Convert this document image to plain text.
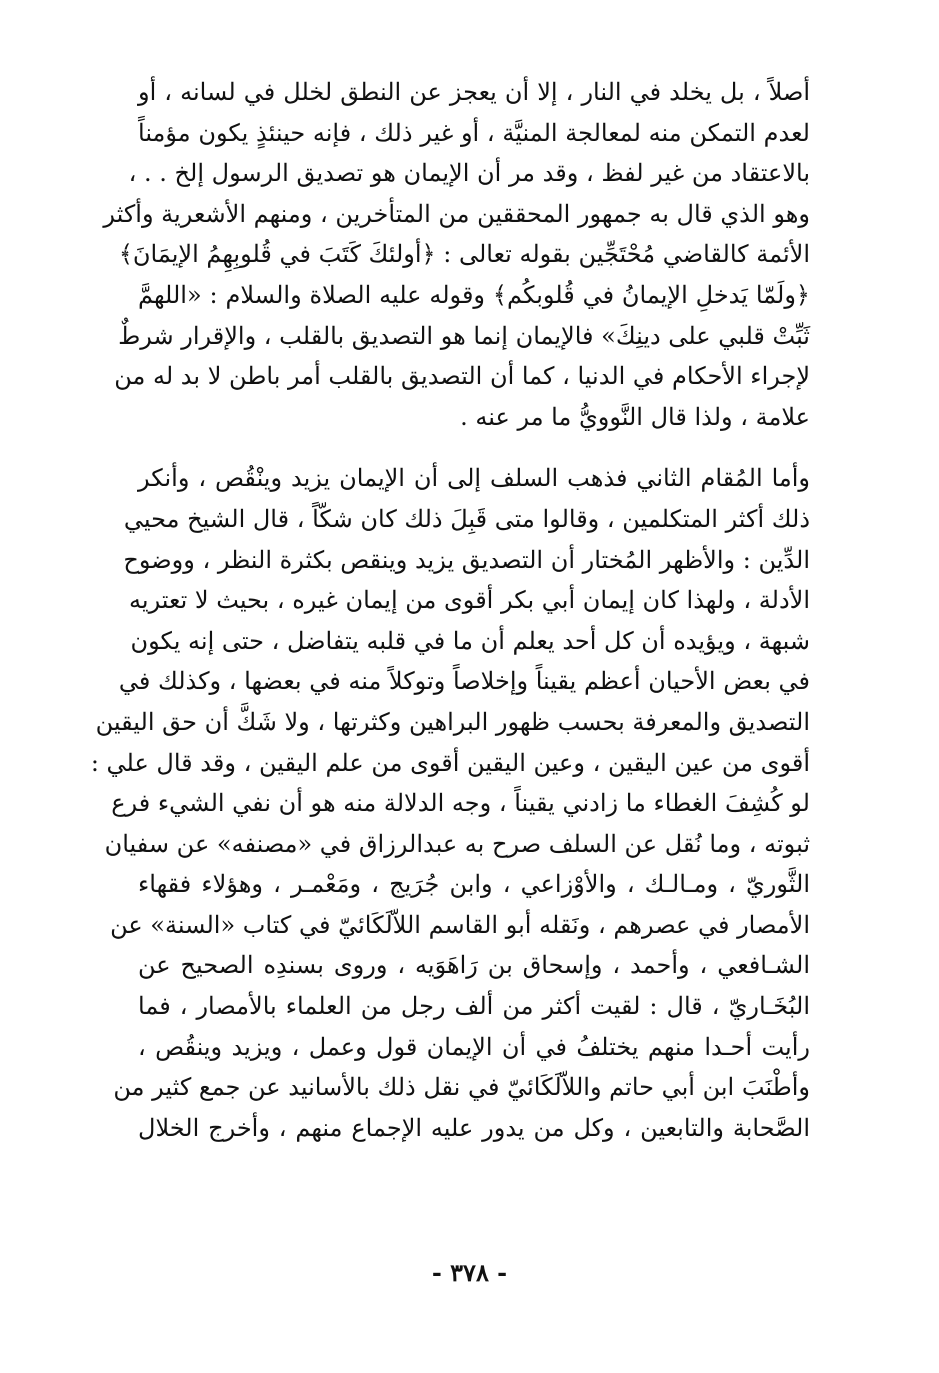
أصلاً ، بل يخلد في النار ، إلا أن يعجز عن النطق لخلل في لسانه ، أو
لعدم التمكن منه لمعالجة المنيَّة ، أو غير ذلك ، فإنه حينئذٍ يكون مؤمناً
بالاعتقاد من غير لفظ ، وقد مر أن الإيمان هو تصديق الرسول إلخ . . ،
وهو الذي قال به جمهور المحققين من المتأخرين ، ومنهم الأشعرية وأكثر
الأئمة كالقاضي مُحْتَجِّين بقوله تعالى : ﴿أولئكَ كَتَبَ في قُلوبِهِمُ الإيمَانَ﴾
﴿ولَمّا يَدخلِ الإيمانُ في قُلوبكُم﴾ وقوله عليه الصلاة والسلام : «اللهمَّ
ثَبِّتْ قلبي على دينِكَ» فالإيمان إنما هو التصديق بالقلب ، والإقرار شرطٌ
لإجراء الأحكام في الدنيا ، كما أن التصديق بالقلب أمر باطن لا بد له من
علامة ، ولذا قال النَّوويُّ ما مر عنه .

وأما المُقام الثاني فذهب السلف إلى أن الإيمان يزيد وينْقُص ، وأنكر
ذلك أكثر المتكلمين ، وقالوا متى قَبِلَ ذلك كان شكّاً ، قال الشيخ محيي
الدِّين : والأظهر المُختار أن التصديق يزيد وينقص بكثرة النظر ، ووضوح
الأدلة ، ولهذا كان إيمان أبي بكر أقوى من إيمان غيره ، بحيث لا تعتريه
شبهة ، ويؤيده أن كل أحد يعلم أن ما في قلبه يتفاضل ، حتى إنه يكون
في بعض الأحيان أعظم يقيناً وإخلاصاً وتوكلاً منه في بعضها ، وكذلك في
التصديق والمعرفة بحسب ظهور البراهين وكثرتها ، ولا شَكَّ أن حق اليقين
أقوى من عين اليقين ، وعين اليقين أقوى من علم اليقين ، وقد قال علي :
لو كُشِفَ الغطاء ما زادني يقيناً ، وجه الدلالة منه هو أن نفي الشيء فرع
ثبوته ، وما نُقل عن السلف صرح به عبدالرزاق في «مصنفه» عن سفيان
الثَّوريّ ، ومـالـك ، والأوْزاعي ، وابن جُرَيج ، ومَعْمـر ، وهؤلاء فقهاء
الأمصار في عصرهم ، ونَقله أبو القاسم اللاّلَكَائيّ في كتاب «السنة» عن
الشـافعي ، وأحمد ، وإسحاق بن رَاهَوَيه ، وروى بسندِه الصحيح عن
البُخَـاريّ ، قال : لقيت أكثر من ألف رجل من العلماء بالأمصار ، فما
رأيت أحـدا منهم يختلفُ في أن الإيمان قول وعمل ، ويزيد وينقُص ،
وأطْنَبَ ابن أبي حاتم واللاّلَكَائيّ في نقل ذلك بالأسانيد عن جمع كثير من
الصَّحابة والتابعين ، وكل من يدور عليه الإجماع منهم ، وأخرج الخلال

- ٣٧٨ -
